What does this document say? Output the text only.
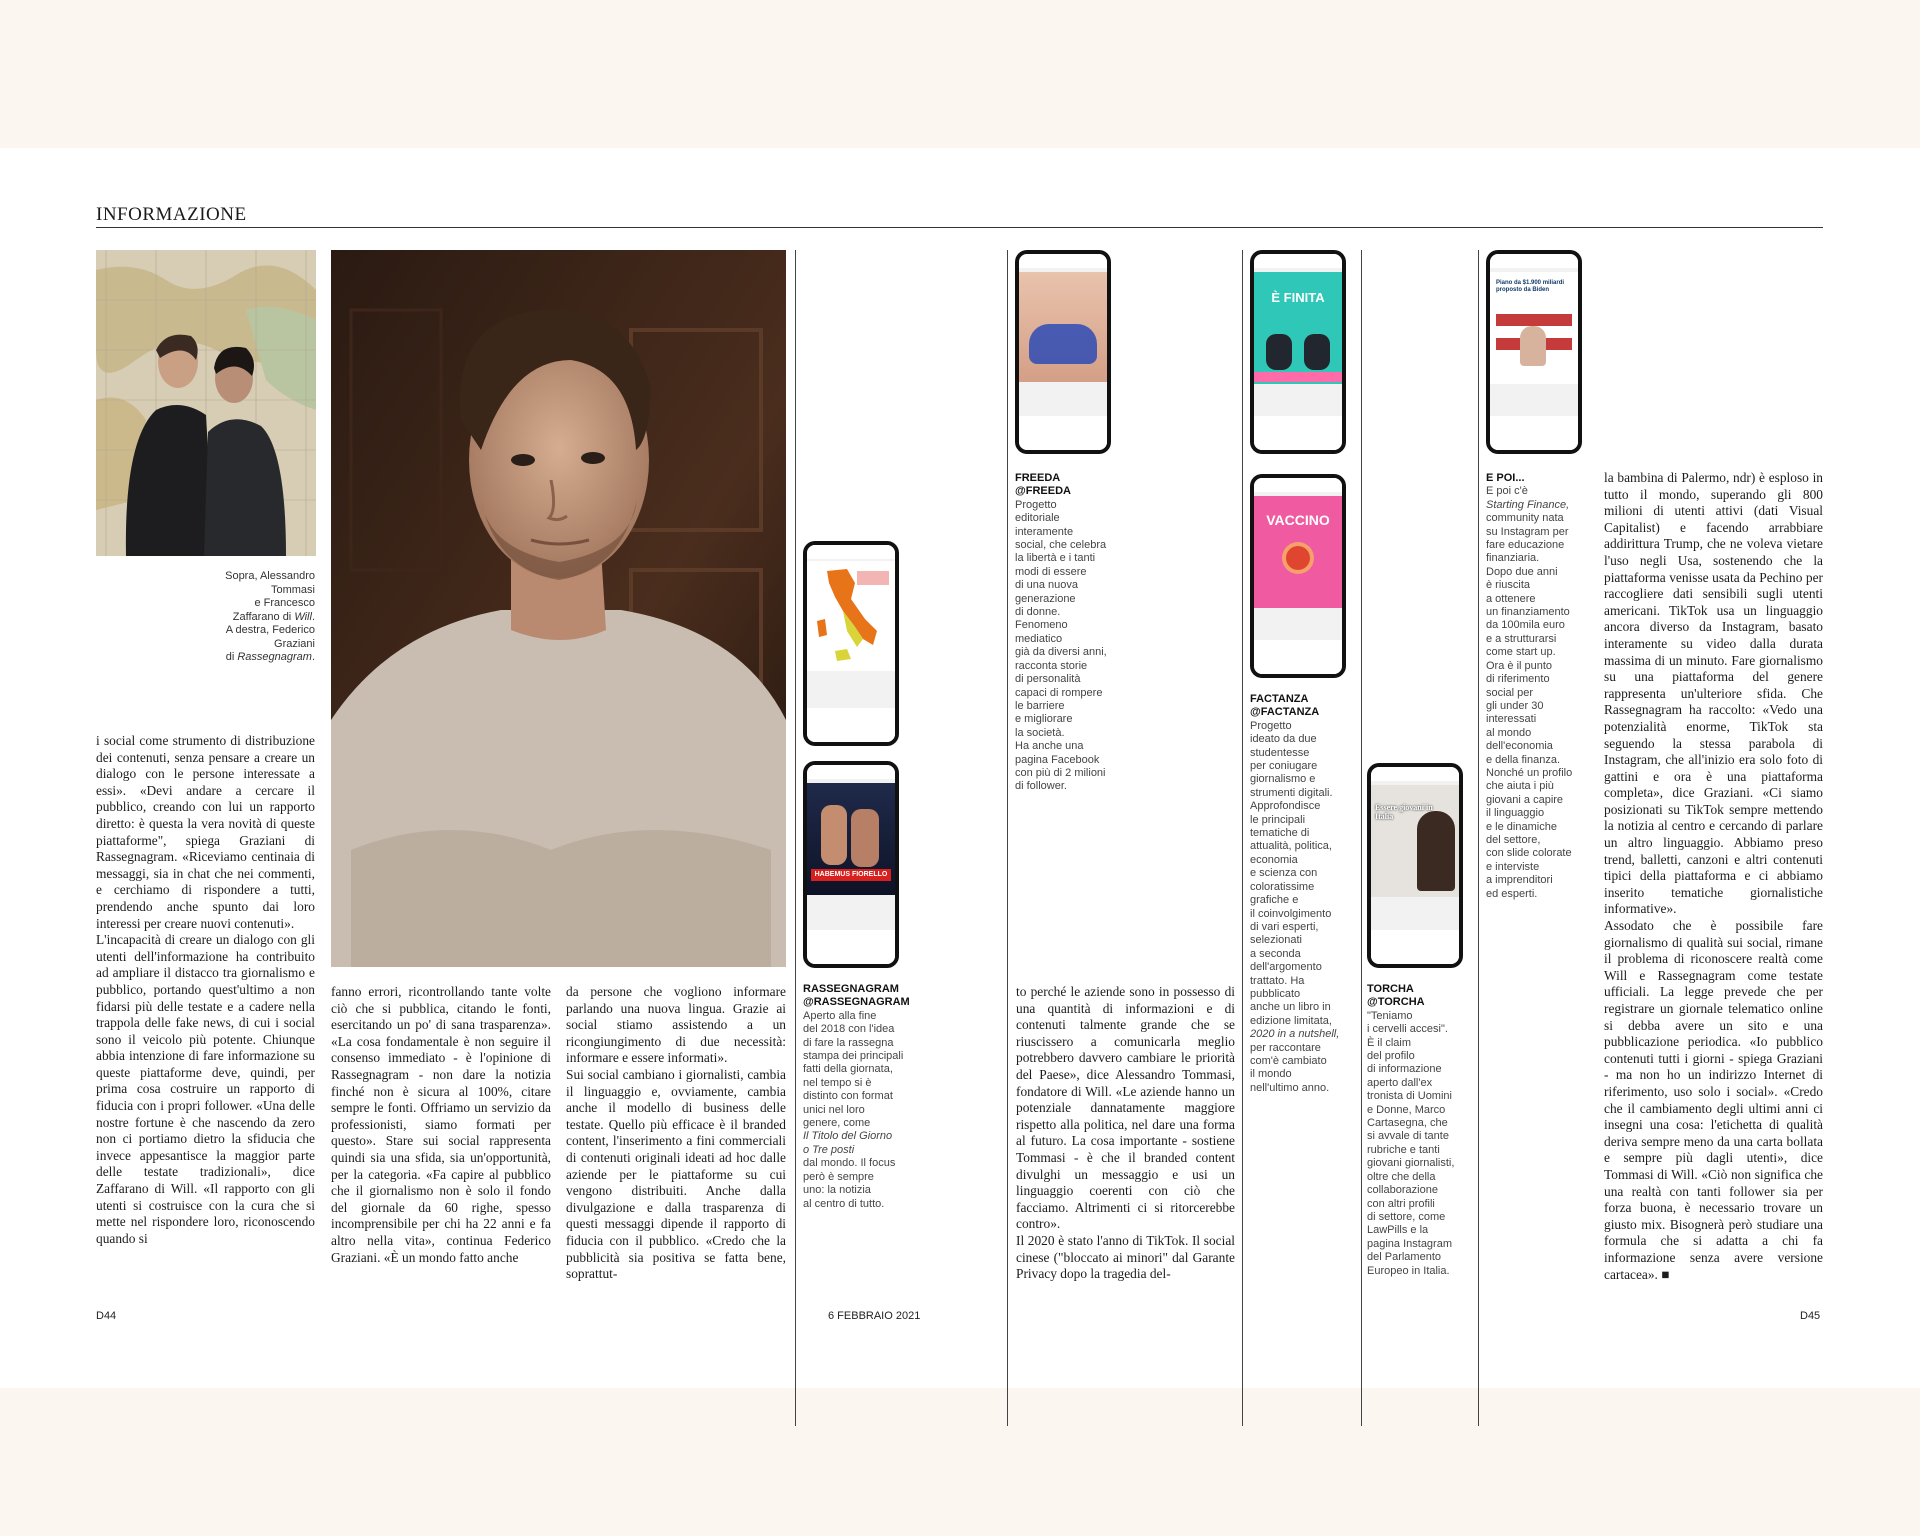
INFORMAZIONE
Sopra, Alessandro
Tommasi
e Francesco
Zaffarano di Will.
A destra, Federico
Graziani
di Rassegnagram.

i social come strumento di distribuzione dei contenuti, senza pensare a creare un dialogo con le persone interessate a essi». «Devi andare a cercare il pubblico, creando con lui un rapporto diretto: è questa la vera novità di queste piattaforme", spiega Graziani di Rassegnagram. «Riceviamo centinaia di messaggi, sia in chat che nei commenti, e cerchiamo di rispondere a tutti, prendendo anche spunto dai loro interessi per creare nuovi contenuti».

L'incapacità di creare un dialogo con gli utenti dell'informazione ha contribuito ad ampliare il distacco tra giornalismo e pubblico, portando quest'ultimo a non fidarsi più delle testate e a cadere nella trappola delle fake news, di cui i social sono il veicolo più potente. Chiunque abbia intenzione di fare informazione su queste piattaforme deve, quindi, per prima cosa costruire un rapporto di fiducia con i propri follower. «Una delle nostre fortune è che nascendo da zero non ci portiamo dietro la sfiducia che invece appesantisce la maggior parte delle testate tradizionali», dice Zaffarano di Will. «Il rapporto con gli utenti si costruisce con la cura che si mette nel rispondere loro, riconoscendo quando si

fanno errori, ricontrollando tante volte ciò che si pubblica, citando le fonti, esercitando un po' di sana trasparenza». «La cosa fondamentale è non seguire il consenso immediato - è l'opinione di Rassegnagram - non dare la notizia finché non è sicura al 100%, citare sempre le fonti. Offriamo un servizio da professionisti, siamo formati per questo». Stare sui social rappresenta quindi sia una sfida, sia un'opportunità, per la categoria. «Fa capire al pubblico che il giornalismo non è solo il fondo del giornale da 60 righe, spesso incomprensibile per chi ha 22 anni e fa altro nella vita», continua Federico Graziani. «È un mondo fatto anche

da persone che vogliono informare parlando una nuova lingua. Grazie ai social stiamo assistendo a un ricongiungimento di due necessità: informare e essere informati».

Sui social cambiano i giornalisti, cambia il linguaggio e, ovviamente, cambia anche il modello di business delle testate. Quello più efficace è il branded content, l'inserimento a fini commerciali di contenuti originali ideati ad hoc dalle aziende per le piattaforme su cui vengono distribuiti. Anche dalla divulgazione e dalla trasparenza di questi messaggi dipende il rapporto di fiducia con il pubblico. «Credo che la pubblicità sia positiva se fatta bene, soprattut-

to perché le aziende sono in possesso di una quantità di informazioni e di contenuti talmente grande che se riuscissero a comunicarla meglio potrebbero davvero cambiare le priorità del Paese», dice Alessandro Tommasi, fondatore di Will. «Le aziende hanno un potenziale dannatamente maggiore rispetto alla politica, nel dare una forma al futuro. La cosa importante - sostiene Tommasi - è che il branded content divulghi un messaggio e usi un linguaggio coerenti con ciò che facciamo. Altrimenti ci si ritorcerebbe contro».

Il 2020 è stato l'anno di TikTok. Il social cinese ("bloccato ai minori" dal Garante Privacy dopo la tragedia del-

la bambina di Palermo, ndr) è esploso in tutto il mondo, superando gli 800 milioni di utenti attivi (dati Visual Capitalist) e facendo arrabbiare addirittura Trump, che ne voleva vietare l'uso negli Usa, sostenendo che la piattaforma venisse usata da Pechino per raccogliere dati sensibili sugli utenti americani. TikTok usa un linguaggio ancora diverso da Instagram, basato interamente su video dalla durata massima di un minuto. Fare giornalismo su una piattaforma del genere rappresenta un'ulteriore sfida. Che Rassegnagram ha raccolto: «Vedo una potenzialità enorme, TikTok sta seguendo la stessa parabola di Instagram, che all'inizio era solo foto di gattini e ora è una piattaforma completa», dice Graziani. «Ci siamo posizionati su TikTok sempre mettendo la notizia al centro e cercando di parlare un altro linguaggio. Abbiamo preso trend, balletti, canzoni e altri contenuti tipici della piattaforma e ci abbiamo inserito tematiche giornalistiche informative».

Assodato che è possibile fare giornalismo di qualità sui social, rimane il problema di riconoscere realtà come Will e Rassegnagram come testate ufficiali. La legge prevede che per registrare un giornale telematico online si debba avere un sito e una pubblicazione periodica. «Io pubblico contenuti tutti i giorni - spiega Graziani - ma non ho un indirizzo Internet di riferimento, uso solo i social». «Credo che il cambiamento degli ultimi anni ci insegni una cosa: l'etichetta di qualità deriva sempre meno da una carta bollata e sempre più dagli utenti», dice Tommasi di Will. «Ciò non significa che una realtà con tanti follower sia per forza buona, è necessario trovare un giusto mix. Bisognerà però studiare una formula che si adatta a chi fa informazione senza avere versione cartacea». ■

HABEMUS FIORELLO
È FINITA
VACCINO
Essere giovani in Italia
Piano da $1.900 miliardi proposto da Biden
RASSEGNAGRAM
@RASSEGNAGRAM
Aperto alla fine
del 2018 con l'idea
di fare la rassegna
stampa dei principali
fatti della giornata,
nel tempo si è
distinto con format
unici nel loro
genere, come
Il Titolo del Giorno
o Tre posti
dal mondo. Il focus
però è sempre
uno: la notizia
al centro di tutto.
FREEDA
@FREEDA
Progetto
editoriale
interamente
social, che celebra
la libertà e i tanti
modi di essere
di una nuova
generazione
di donne.
Fenomeno
mediatico
già da diversi anni,
racconta storie
di personalità
capaci di rompere
le barriere
e migliorare
la società.
Ha anche una
pagina Facebook
con più di 2 milioni
di follower.
FACTANZA
@FACTANZA
Progetto
ideato da due
studentesse
per coniugare
giornalismo e
strumenti digitali.
Approfondisce
le principali
tematiche di
attualità, politica,
economia
e scienza con
coloratissime
grafiche e
il coinvolgimento
di vari esperti,
selezionati
a seconda
dell'argomento
trattato. Ha
pubblicato
anche un libro in
edizione limitata,
2020 in a nutshell,
per raccontare
com'è cambiato
il mondo
nell'ultimo anno.
TORCHA
@TORCHA
"Teniamo
i cervelli accesi".
È il claim
del profilo
di informazione
aperto dall'ex
tronista di Uomini
e Donne, Marco
Cartasegna, che
si avvale di tante
rubriche e tanti
giovani giornalisti,
oltre che della
collaborazione
con altri profili
di settore, come
LawPills e la
pagina Instagram
del Parlamento
Europeo in Italia.
E POI...
E poi c'è
Starting Finance,
community nata
su Instagram per
fare educazione
finanziaria.
Dopo due anni
è riuscita
a ottenere
un finanziamento
da 100mila euro
e a strutturarsi
come start up.
Ora è il punto
di riferimento
social per
gli under 30
interessati
al mondo
dell'economia
e della finanza.
Nonché un profilo
che aiuta i più
giovani a capire
il linguaggio
e le dinamiche
del settore,
con slide colorate
e interviste
a imprenditori
ed esperti.
D44	6 FEBBRAIO 2021	D45
